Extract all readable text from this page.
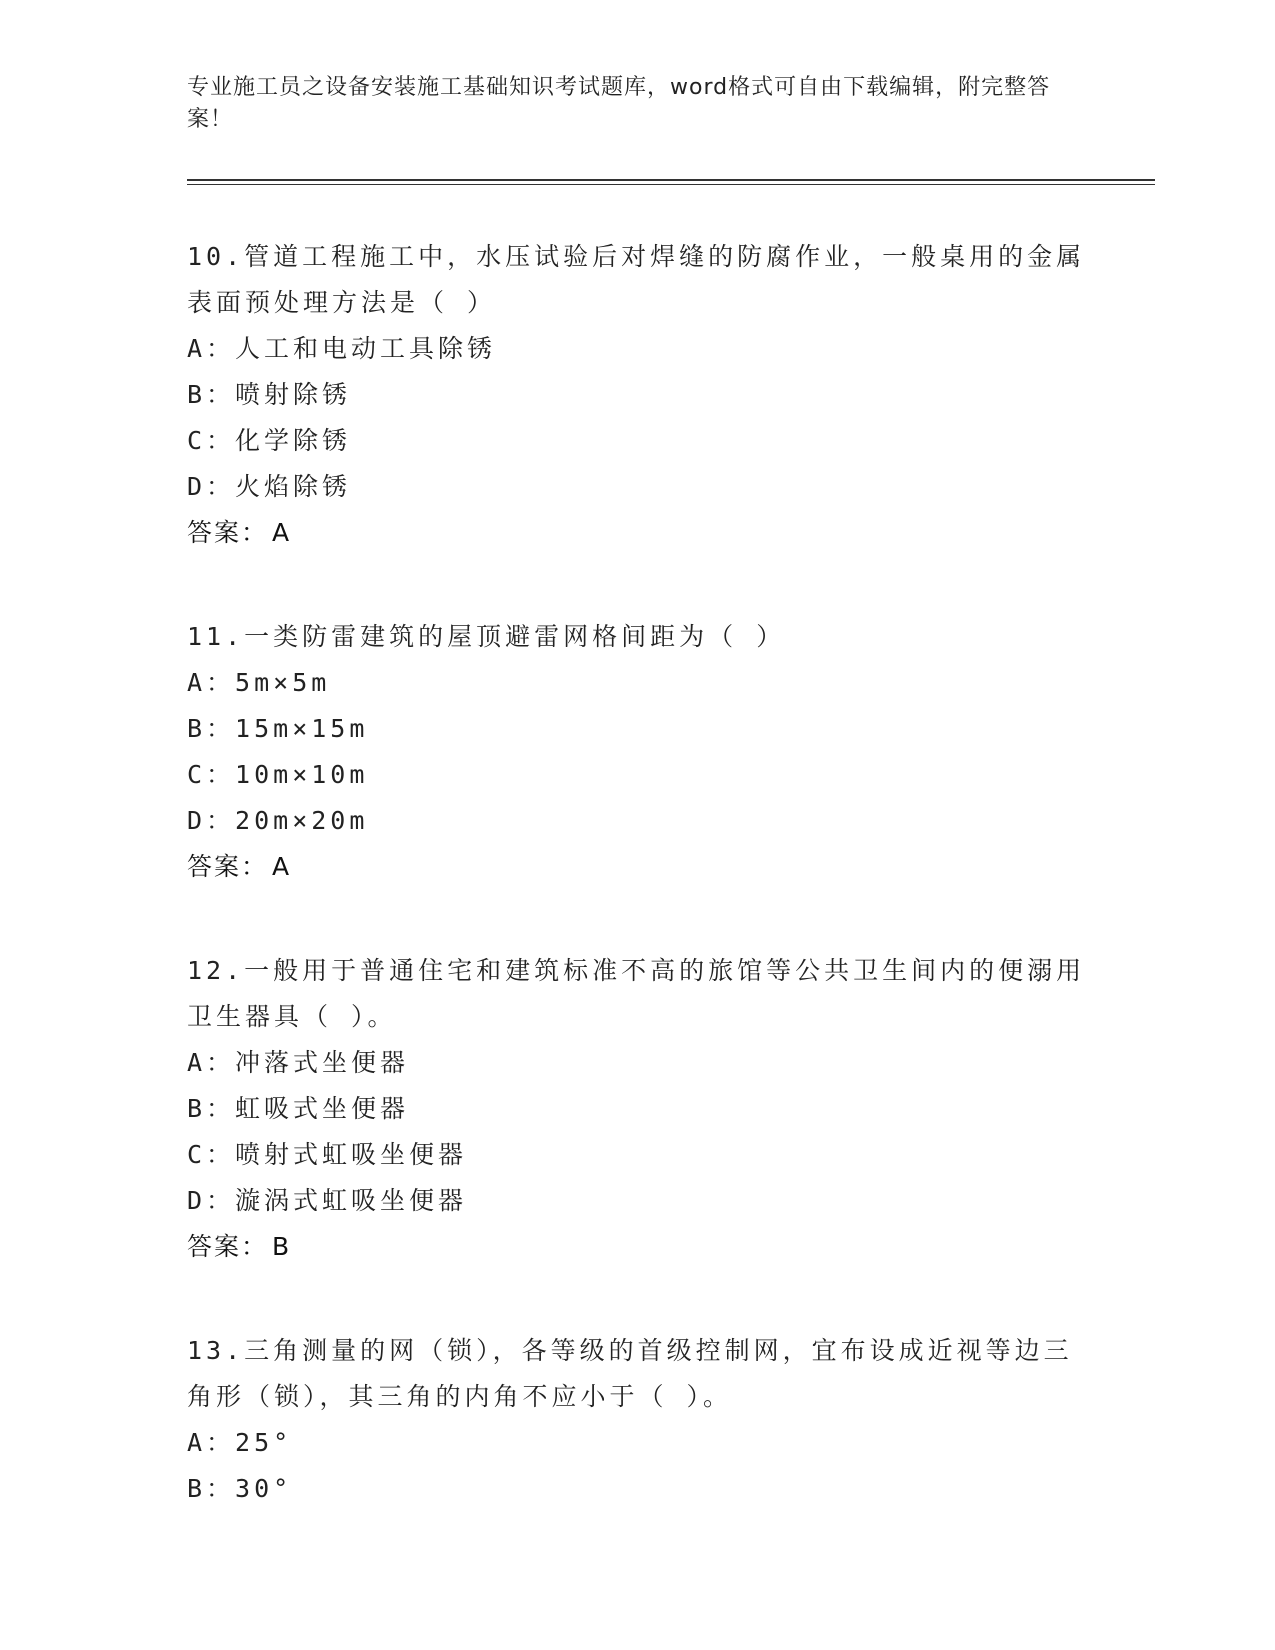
专业施工员之设备安装施工基础知识考试题库，word格式可自由下载编辑，附完整答案！

10.管道工程施工中，水压试验后对焊缝的防腐作业，一般桌用的金属表面预处理方法是（ ）

A：人工和电动工具除锈

B：喷射除锈

C：化学除锈

D：火焰除锈

答案： A

11.一类防雷建筑的屋顶避雷网格间距为（ ）

A：5m×5m

B：15m×15m

C：10m×10m

D：20m×20m

答案： A

12.一般用于普通住宅和建筑标准不高的旅馆等公共卫生间内的便溺用卫生器具（ ）。

A：冲落式坐便器

B：虹吸式坐便器

C：喷射式虹吸坐便器

D：漩涡式虹吸坐便器

答案： B

13.三角测量的网（锁），各等级的首级控制网，宜布设成近视等边三角形（锁），其三角的内角不应小于（ ）。

A：25°

B：30°
